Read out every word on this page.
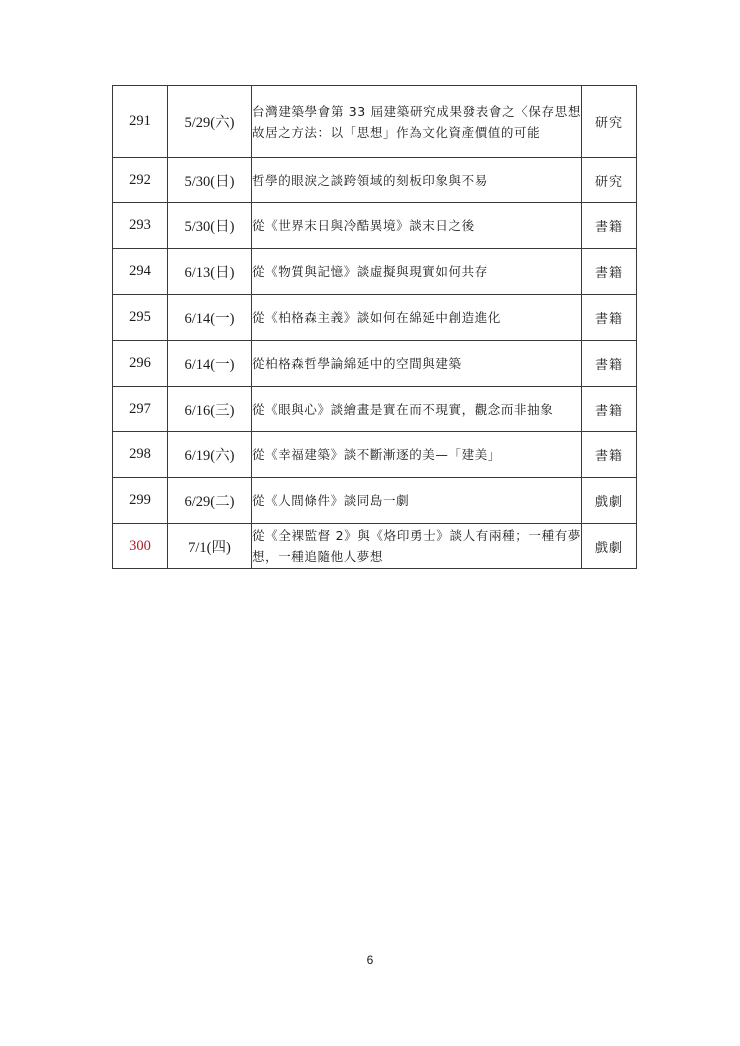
291	5/29(六)	台灣建築學會第 33 屆建築研究成果發表會之〈保存思想故居之方法：以「思想」作為文化資產價值的可能	研究
292	5/30(日)	哲學的眼淚之談跨領域的刻板印象與不易	研究
293	5/30(日)	從《世界末日與冷酷異境》談末日之後	書籍
294	6/13(日)	從《物質與記憶》談虛擬與現實如何共存	書籍
295	6/14(一)	從《柏格森主義》談如何在綿延中創造進化	書籍
296	6/14(一)	從柏格森哲學論綿延中的空間與建築	書籍
297	6/16(三)	從《眼與心》談繪畫是實在而不現實，觀念而非抽象	書籍
298	6/19(六)	從《幸福建築》談不斷漸逐的美—「建美」	書籍
299	6/29(二)	從《人間條件》談同島一劇	戲劇
300	7/1(四)	從《全裸監督 2》與《烙印勇士》談人有兩種；一種有夢想，一種追隨他人夢想	戲劇
6
